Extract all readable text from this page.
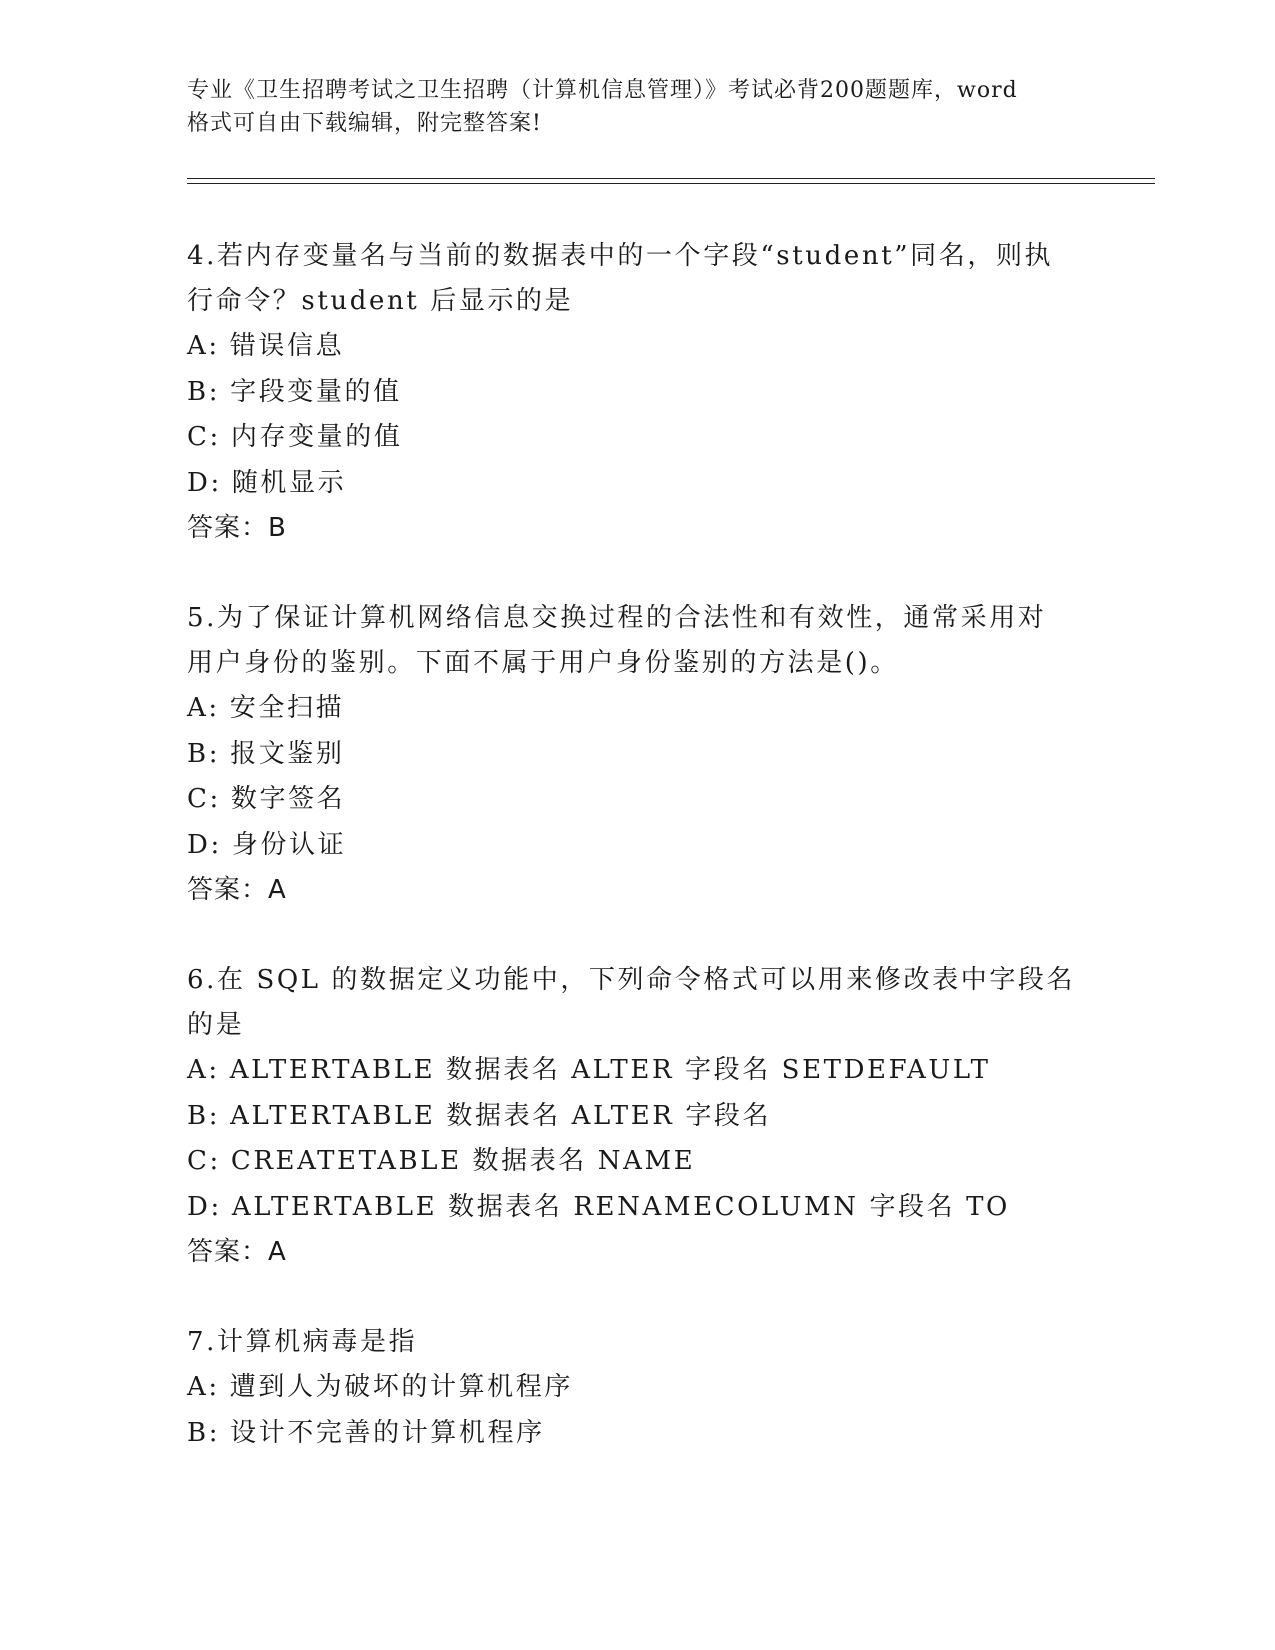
专业《卫生招聘考试之卫生招聘（计算机信息管理）》考试必背200题题库，word
格式可自由下载编辑，附完整答案!

4.若内存变量名与当前的数据表中的一个字段“student”同名，则执
行命令？student 后显示的是

A: 错误信息
B: 字段变量的值
C: 内存变量的值
D: 随机显示

答案：B

5.为了保证计算机网络信息交换过程的合法性和有效性，通常采用对
用户身份的鉴别。下面不属于用户身份鉴别的方法是()。

A: 安全扫描
B: 报文鉴别
C: 数字签名
D: 身份认证

答案：A

6.在 SQL 的数据定义功能中，下列命令格式可以用来修改表中字段名
的是

A: ALTERTABLE 数据表名 ALTER 字段名 SETDEFAULT
B: ALTERTABLE 数据表名 ALTER 字段名
C: CREATETABLE 数据表名 NAME
D: ALTERTABLE 数据表名 RENAMECOLUMN 字段名 TO

答案：A

7.计算机病毒是指

A: 遭到人为破坏的计算机程序
B: 设计不完善的计算机程序
